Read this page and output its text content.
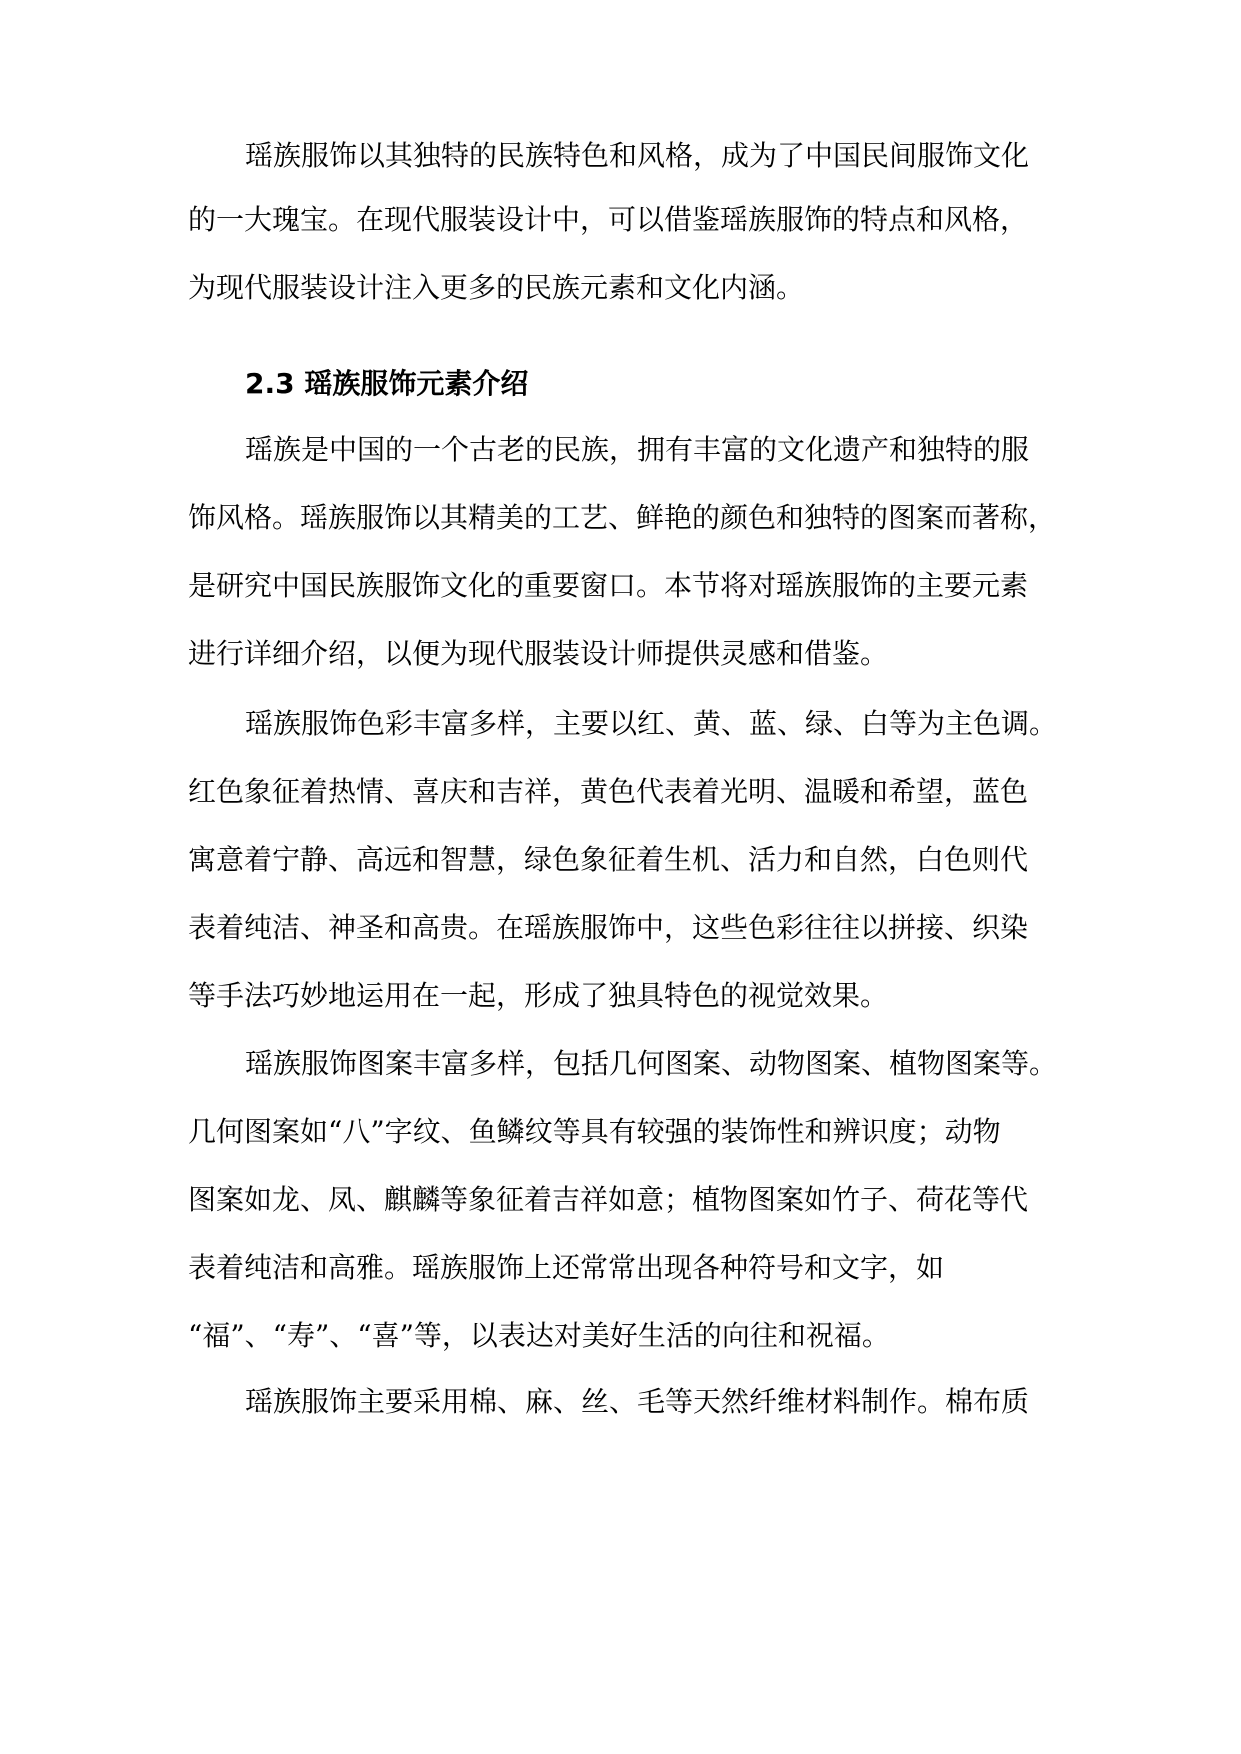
瑶族服饰以其独特的民族特色和风格，成为了中国民间服饰文化

的一大瑰宝。在现代服装设计中，可以借鉴瑶族服饰的特点和风格，

为现代服装设计注入更多的民族元素和文化内涵。

2.3 瑶族服饰元素介绍

瑶族是中国的一个古老的民族，拥有丰富的文化遗产和独特的服

饰风格。瑶族服饰以其精美的工艺、鲜艳的颜色和独特的图案而著称，

是研究中国民族服饰文化的重要窗口。本节将对瑶族服饰的主要元素

进行详细介绍，以便为现代服装设计师提供灵感和借鉴。

瑶族服饰色彩丰富多样，主要以红、黄、蓝、绿、白等为主色调。

红色象征着热情、喜庆和吉祥，黄色代表着光明、温暖和希望，蓝色

寓意着宁静、高远和智慧，绿色象征着生机、活力和自然，白色则代

表着纯洁、神圣和高贵。在瑶族服饰中，这些色彩往往以拼接、织染

等手法巧妙地运用在一起，形成了独具特色的视觉效果。

瑶族服饰图案丰富多样，包括几何图案、动物图案、植物图案等。

几何图案如“八”字纹、鱼鳞纹等具有较强的装饰性和辨识度；动物

图案如龙、凤、麒麟等象征着吉祥如意；植物图案如竹子、荷花等代

表着纯洁和高雅。瑶族服饰上还常常出现各种符号和文字，如

“福”、“寿”、“喜”等，以表达对美好生活的向往和祝福。

瑶族服饰主要采用棉、麻、丝、毛等天然纤维材料制作。棉布质
